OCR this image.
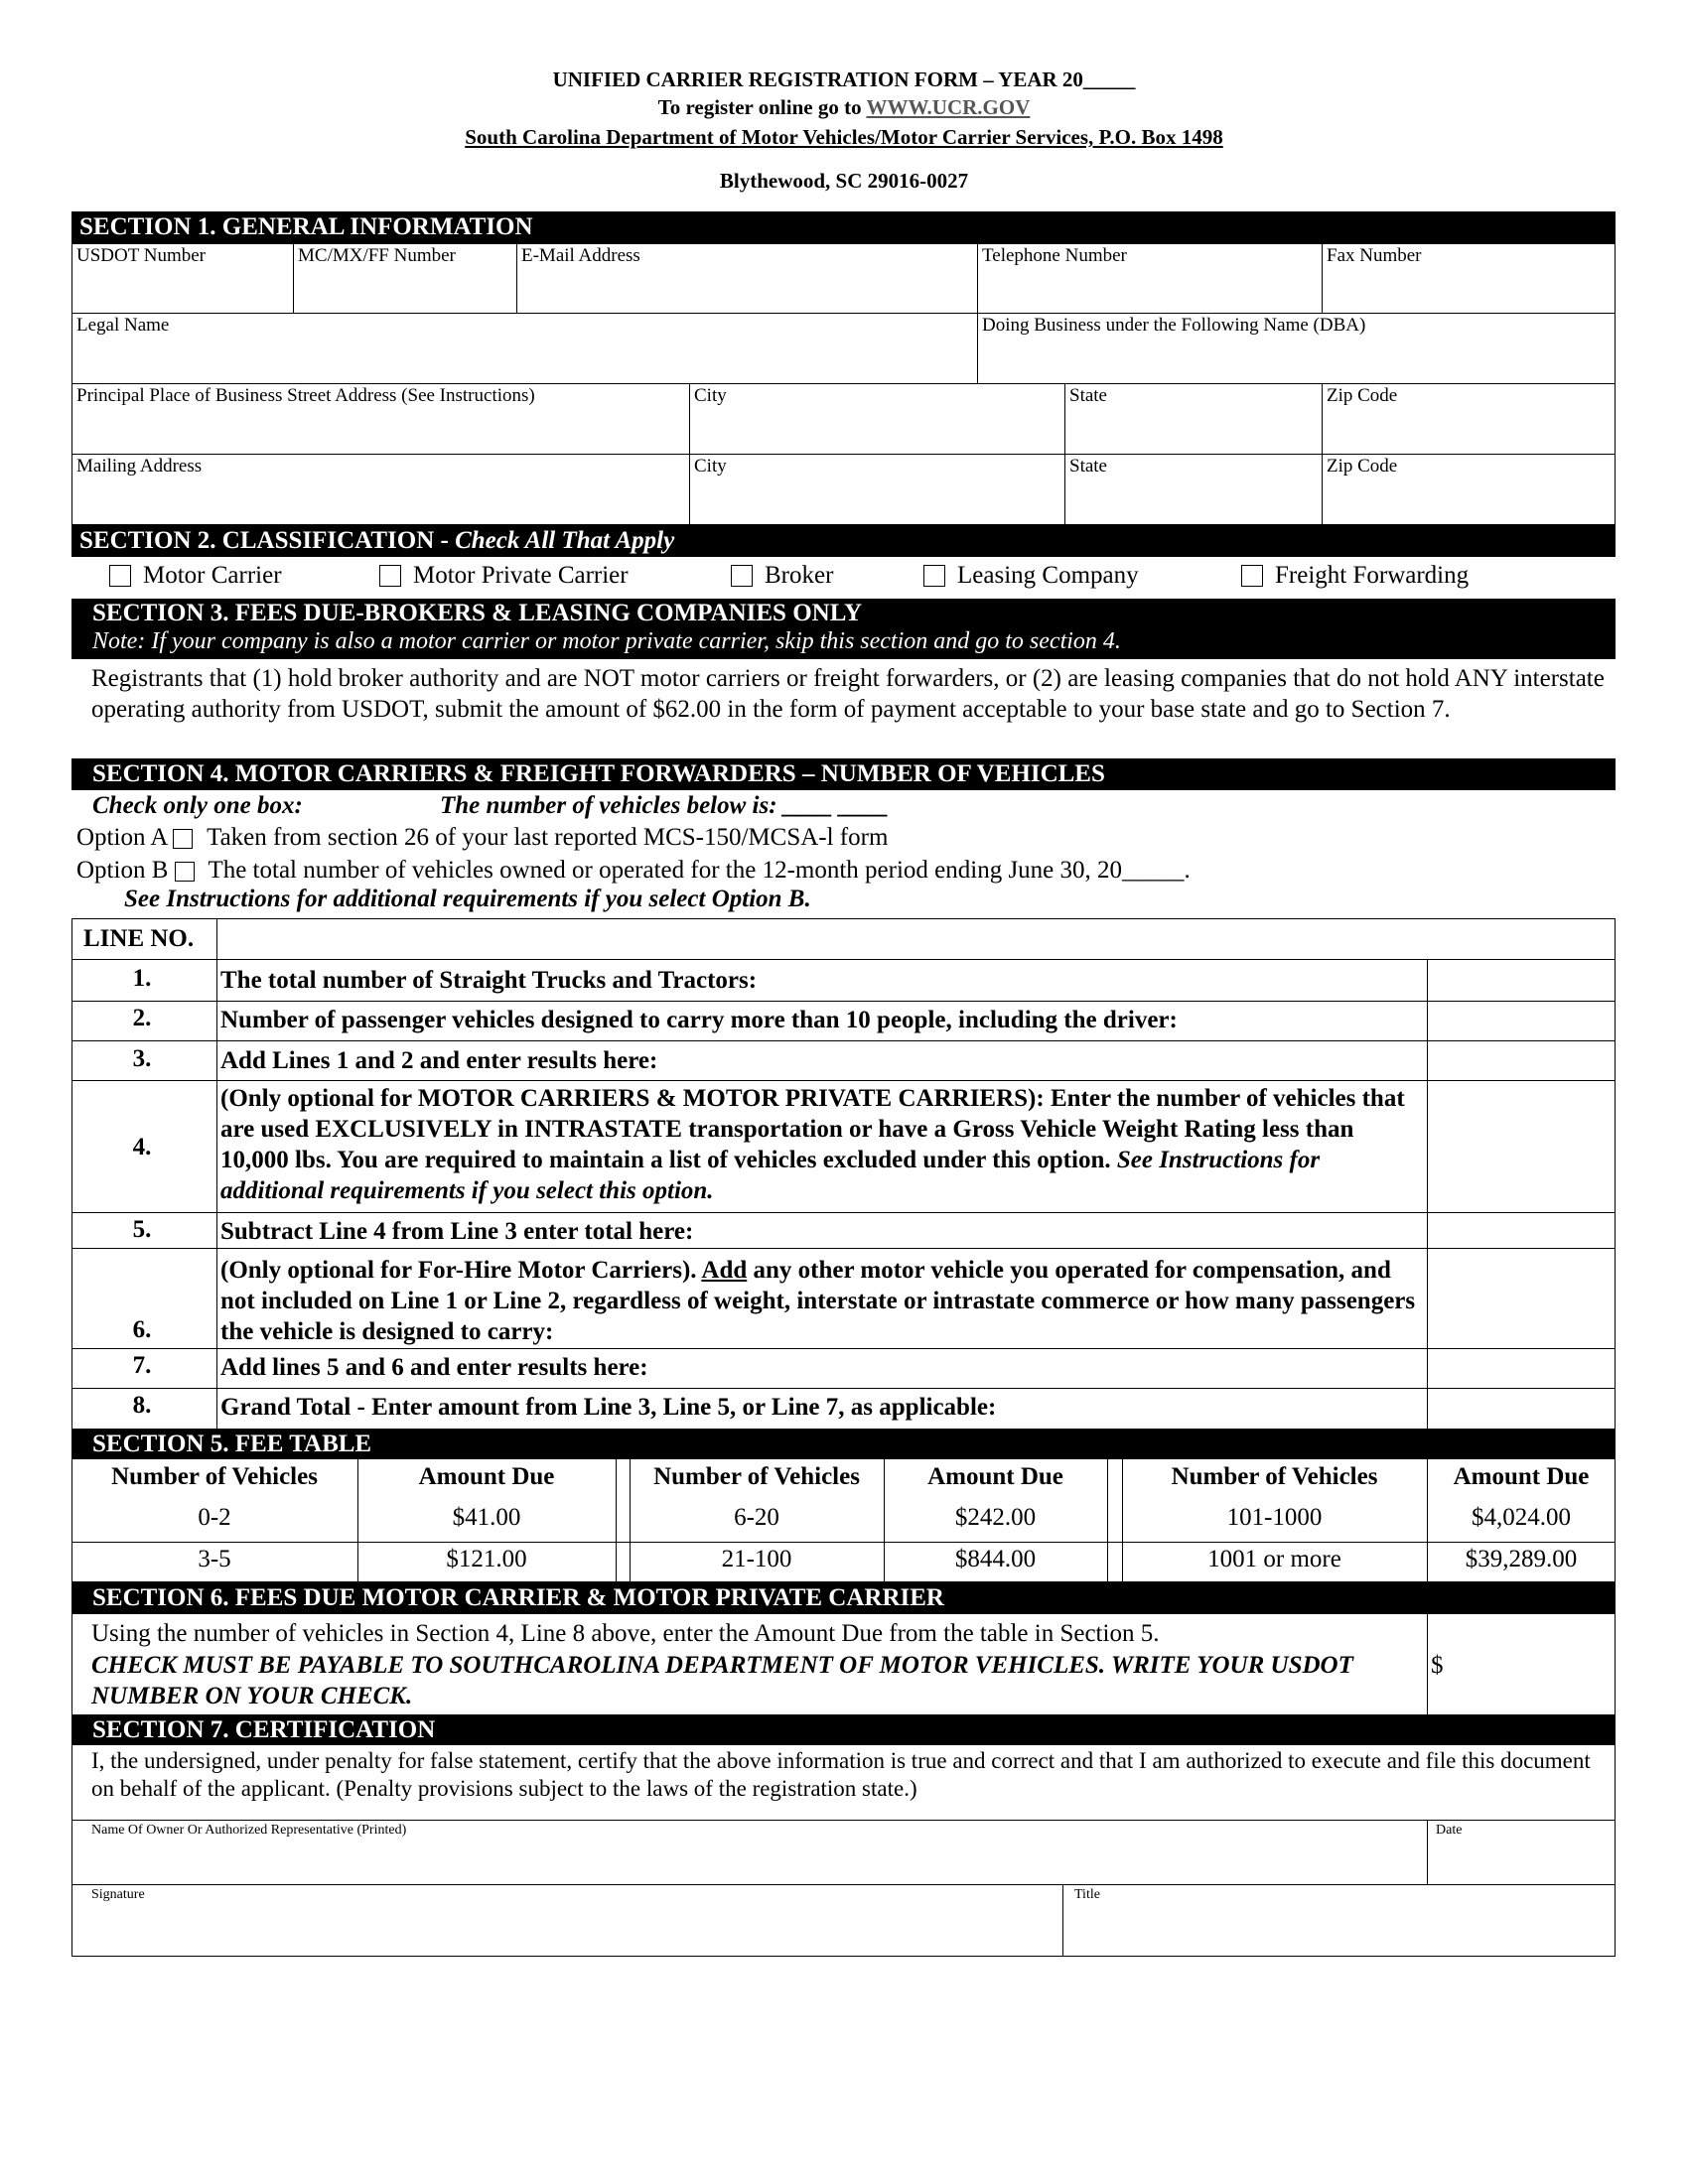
UNIFIED CARRIER REGISTRATION FORM – YEAR 20_____
To register online go to WWW.UCR.GOV
South Carolina Department of Motor Vehicles/Motor Carrier Services, P.O. Box 1498
Blythewood, SC 29016-0027
SECTION 1. GENERAL INFORMATION
USDOT Number	MC/MX/FF Number	E-Mail Address	Telephone Number	Fax Number
Legal Name	Doing Business under the Following Name (DBA)
Principal Place of Business Street Address (See Instructions)	City	State	Zip Code
Mailing Address	City	State	Zip Code
SECTION 2. CLASSIFICATION - Check All That Apply
Motor Carrier	Motor Private Carrier	Broker	Leasing Company	Freight Forwarding
SECTION 3. FEES DUE-BROKERS & LEASING COMPANIES ONLY
Note: If your company is also a motor carrier or motor private carrier, skip this section and go to section 4.
Registrants that (1) hold broker authority and are NOT motor carriers or freight forwarders, or (2) are leasing companies that do not hold ANY interstate operating authority from USDOT, submit the amount of $62.00 in the form of payment acceptable to your base state and go to Section 7.
SECTION 4. MOTOR CARRIERS & FREIGHT FORWARDERS – NUMBER OF VEHICLES
Check only one box:	The number of vehicles below is: ____ ____
Option A Taken from section 26 of your last reported MCS-150/MCSA-l form
Option B The total number of vehicles owned or operated for the 12-month period ending June 30, 20_____.
See Instructions for additional requirements if you select Option B.
LINE NO.
1.	The total number of Straight Trucks and Tractors:
2.	Number of passenger vehicles designed to carry more than 10 people, including the driver:
3.	Add Lines 1 and 2 and enter results here:
4.
(Only optional for MOTOR CARRIERS & MOTOR PRIVATE CARRIERS): Enter the number of vehicles that are used EXCLUSIVELY in INTRASTATE transportation or have a Gross Vehicle Weight Rating less than 10,000 lbs. You are required to maintain a list of vehicles excluded under this option. See Instructions for additional requirements if you select this option.
5.	Subtract Line 4 from Line 3 enter total here:
6.
(Only optional for For-Hire Motor Carriers). Add any other motor vehicle you operated for compensation, and not included on Line 1 or Line 2, regardless of weight, interstate or intrastate commerce or how many passengers the vehicle is designed to carry:
7.	Add lines 5 and 6 and enter results here:
8.	Grand Total - Enter amount from Line 3, Line 5, or Line 7, as applicable:
SECTION 5. FEE TABLE
Number of Vehicles	Amount Due	Number of Vehicles	Amount Due	Number of Vehicles	Amount Due
0-2	$41.00	6-20	$242.00	101-1000	$4,024.00
3-5	$121.00	21-100	$844.00	1001 or more	$39,289.00
SECTION 6. FEES DUE MOTOR CARRIER & MOTOR PRIVATE CARRIER
Using the number of vehicles in Section 4, Line 8 above, enter the Amount Due from the table in Section 5.
CHECK MUST BE PAYABLE TO SOUTHCAROLINA DEPARTMENT OF MOTOR VEHICLES. WRITE YOUR USDOT NUMBER ON YOUR CHECK.
$
SECTION 7. CERTIFICATION
I, the undersigned, under penalty for false statement, certify that the above information is true and correct and that I am authorized to execute and file this document on behalf of the applicant. (Penalty provisions subject to the laws of the registration state.)
Name Of Owner Or Authorized Representative (Printed)	Date
Signature	Title
